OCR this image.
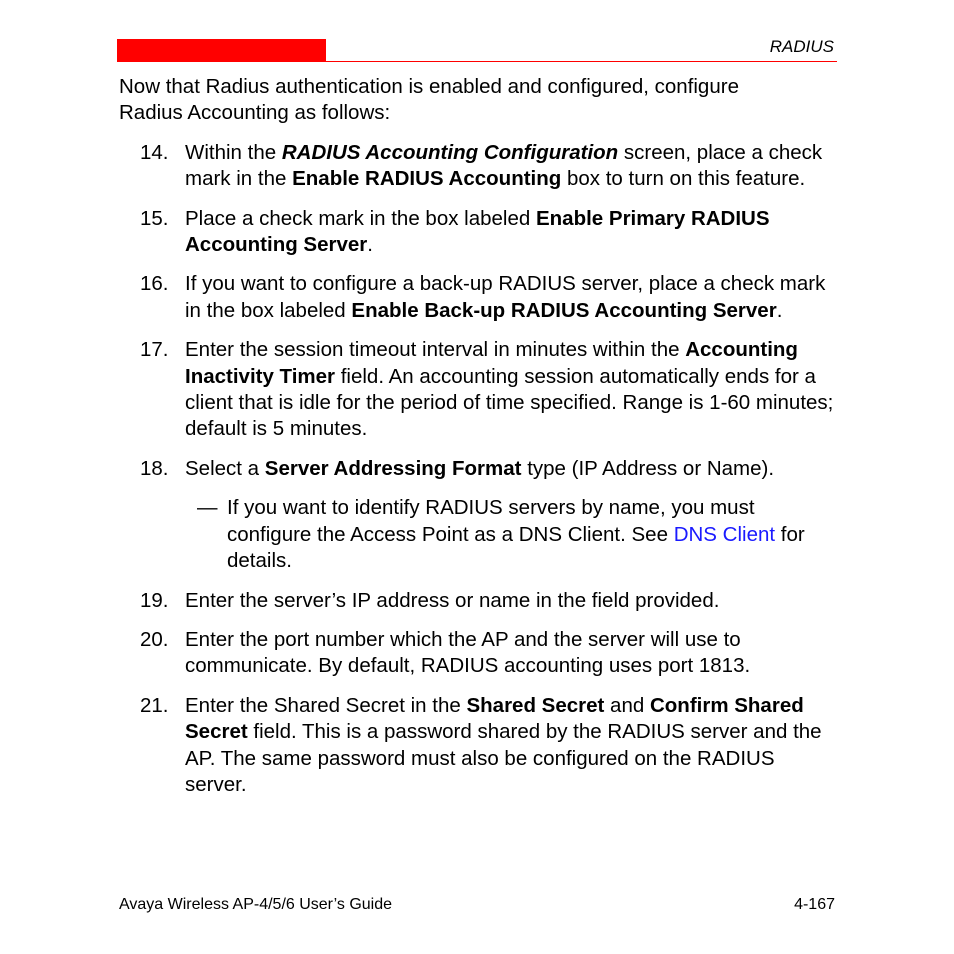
RADIUS

Now that Radius authentication is enabled and configured, configure Radius Accounting as follows:

14. Within the RADIUS Accounting Configuration screen, place a check mark in the Enable RADIUS Accounting box to turn on this feature.
15. Place a check mark in the box labeled Enable Primary RADIUS Accounting Server.
16. If you want to configure a back-up RADIUS server, place a check mark in the box labeled Enable Back-up RADIUS Accounting Server.
17. Enter the session timeout interval in minutes within the Accounting Inactivity Timer field. An accounting session automatically ends for a client that is idle for the period of time specified. Range is 1-60 minutes; default is 5 minutes.
18. Select a Server Addressing Format type (IP Address or Name).
— If you want to identify RADIUS servers by name, you must configure the Access Point as a DNS Client. See DNS Client for details.
19. Enter the server’s IP address or name in the field provided.
20. Enter the port number which the AP and the server will use to communicate. By default, RADIUS accounting uses port 1813.
21. Enter the Shared Secret in the Shared Secret and Confirm Shared Secret field. This is a password shared by the RADIUS server and the AP. The same password must also be configured on the RADIUS server.
Avaya Wireless AP-4/5/6 User’s Guide	4-167
